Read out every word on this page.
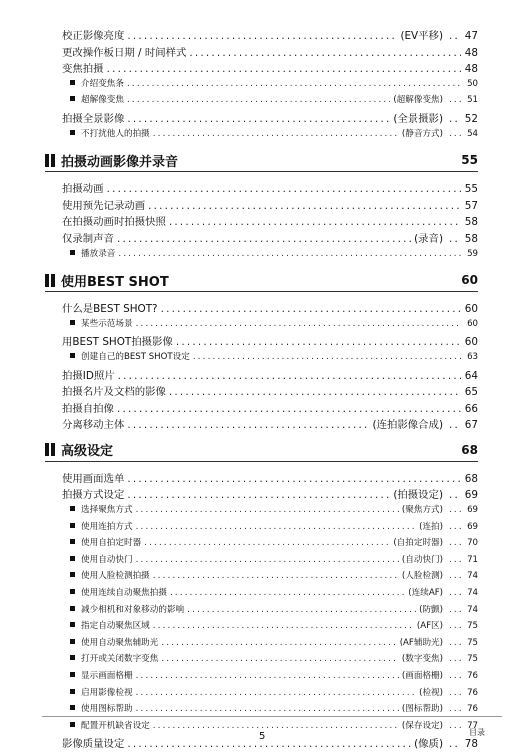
校正影像亮度 .....	(EV平移) ..... 47
更改操作板日期 / 时间样式 .....	48
变焦拍摄 .....	48
介绍变焦条 .....	50
超解像变焦 .....	(超解像变焦) .....	51
拍摄全景影像 .....	(全景摄影) ..... 52
不打扰他人的拍摄 .....	(静音方式) .....	54
拍摄动画影像并录音	55
拍摄动画 .....	55
使用预先记录动画 .....	57
在拍摄动画时拍摄快照 .....	58
仅录制声音 .....	(录音) ..... 58
播放录音 .....	59
使用BEST SHOT	60
什么是BEST SHOT? .....	60
某些示范场景 .....	60
用BEST SHOT拍摄影像 .....	60
创建自己的BEST SHOT设定 .....	63
拍摄ID照片 .....	64
拍摄名片及文档的影像 .....	65
拍摄自拍像 .....	66
分离移动主体 .....	(连拍影像合成) ..... 67
高级设定	68
使用画面选单 .....	68
拍摄方式设定 .....	(拍摄设定) ..... 69
选择聚焦方式 .....	(聚焦方式) .....	69
使用连拍方式 .....	(连拍) .....	69
使用自拍定时器 .....	(自拍定时器) .....	70
使用自动快门 .....	(自动快门) .....	71
使用人脸检测拍摄 .....	(人脸检测) .....	74
使用连续自动聚焦拍摄 .....	(连续AF) .....	74
减少相机和对象移动的影响 .....	(防颤) .....	74
指定自动聚焦区域 .....	(AF区) .....	75
使用自动聚焦辅助光 .....	(AF辅助光) .....	75
打开或关闭数字变焦 .....	(数字变焦) .....	75
显示画面格栅 .....	(画面格栅) .....	76
启用影像检视 .....	(检视) .....	76
使用图标帮助 .....	(图标帮助) .....	76
配置开机缺省设定 .....	(保存设定) .....	77
影像质量设定 .....	(像质) ..... 78
5	目录
